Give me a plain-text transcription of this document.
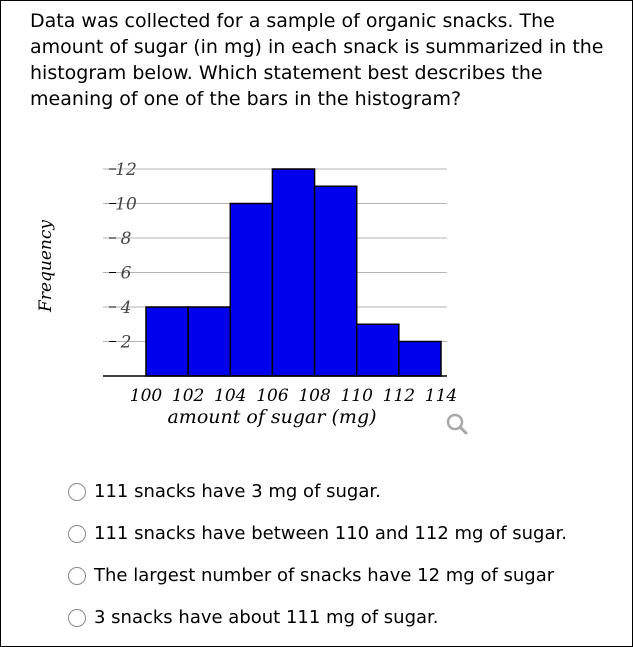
Data was collected for a sample of organic snacks. The amount of sugar (in mg) in each snack is summarized in the histogram below. Which statement best describes the meaning of one of the bars in the histogram?

2
4
6
8
10
12
100 102 104 106 108 110 112 114
amount of sugar (mg)
Frequency
111 snacks have 3 mg of sugar.
111 snacks have between 110 and 112 mg of sugar.
The largest number of snacks have 12 mg of sugar
3 snacks have about 111 mg of sugar.
